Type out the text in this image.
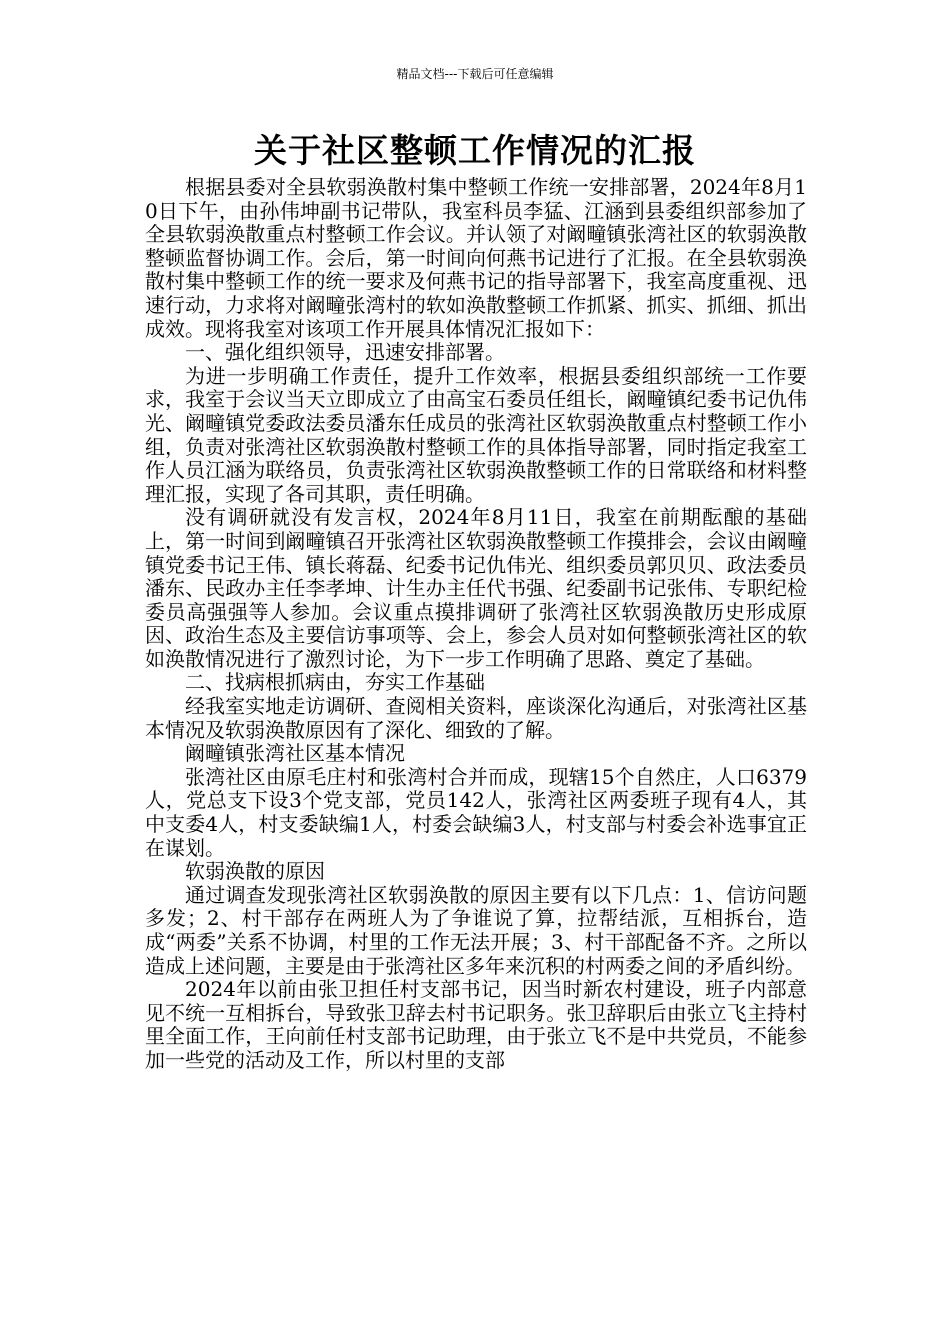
精品文档---下载后可任意编辑
关于社区整顿工作情况的汇报

根据县委对全县软弱涣散村集中整顿工作统一安排部署，2024年8月10日下午，由孙伟坤副书记带队，我室科员李猛、江涵到县委组织部参加了全县软弱涣散重点村整顿工作会议。并认领了对阚疃镇张湾社区的软弱涣散整顿监督协调工作。会后，第一时间向何燕书记进行了汇报。在全县软弱涣散村集中整顿工作的统一要求及何燕书记的指导部署下，我室高度重视、迅速行动，力求将对阚疃张湾村的软如涣散整顿工作抓紧、抓实、抓细、抓出成效。现将我室对该项工作开展具体情况汇报如下：

一、强化组织领导，迅速安排部署。

为进一步明确工作责任，提升工作效率，根据县委组织部统一工作要求，我室于会议当天立即成立了由高宝石委员任组长，阚疃镇纪委书记仇伟光、阚疃镇党委政法委员潘东任成员的张湾社区软弱涣散重点村整顿工作小组，负责对张湾社区软弱涣散村整顿工作的具体指导部署，同时指定我室工作人员江涵为联络员，负责张湾社区软弱涣散整顿工作的日常联络和材料整理汇报，实现了各司其职，责任明确。

没有调研就没有发言权，2024年8月11日，我室在前期酝酿的基础上，第一时间到阚疃镇召开张湾社区软弱涣散整顿工作摸排会，会议由阚疃镇党委书记王伟、镇长蒋磊、纪委书记仇伟光、组织委员郭贝贝、政法委员潘东、民政办主任李孝坤、计生办主任代书强、纪委副书记张伟、专职纪检委员高强强等人参加。会议重点摸排调研了张湾社区软弱涣散历史形成原因、政治生态及主要信访事项等、会上，参会人员对如何整顿张湾社区的软如涣散情况进行了激烈讨论，为下一步工作明确了思路、奠定了基础。

二、找病根抓病由，夯实工作基础

经我室实地走访调研、查阅相关资料，座谈深化沟通后，对张湾社区基本情况及软弱涣散原因有了深化、细致的了解。

阚疃镇张湾社区基本情况

张湾社区由原毛庄村和张湾村合并而成，现辖15个自然庄，人口6379人，党总支下设3个党支部，党员142人，张湾社区两委班子现有4人，其中支委4人，村支委缺编1人，村委会缺编3人，村支部与村委会补选事宜正在谋划。

软弱涣散的原因

通过调查发现张湾社区软弱涣散的原因主要有以下几点：1、信访问题多发；2、村干部存在两班人为了争谁说了算，拉帮结派，互相拆台，造成“两委”关系不协调，村里的工作无法开展；3、村干部配备不齐。之所以造成上述问题，主要是由于张湾社区多年来沉积的村两委之间的矛盾纠纷。

2024年以前由张卫担任村支部书记，因当时新农村建设，班子内部意见不统一互相拆台，导致张卫辞去村书记职务。张卫辞职后由张立飞主持村里全面工作，王向前任村支部书记助理，由于张立飞不是中共党员，不能参加一些党的活动及工作，所以村里的支部
